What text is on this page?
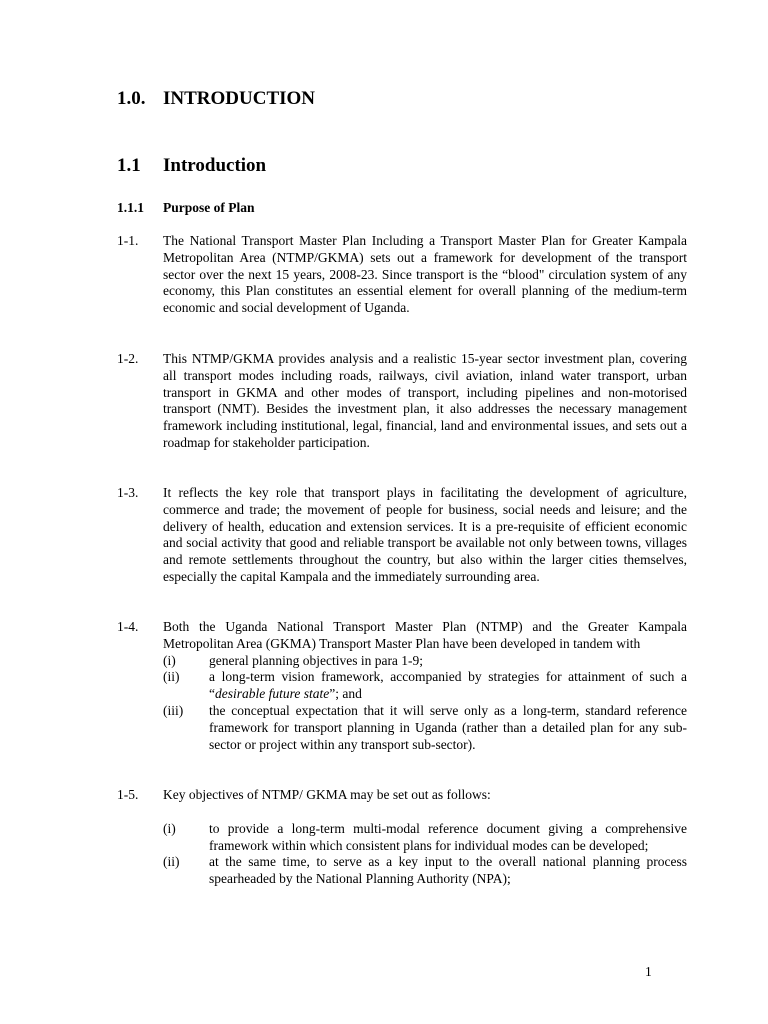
1.0. INTRODUCTION
1.1 Introduction
1.1.1 Purpose of Plan
1-1. The National Transport Master Plan Including a Transport Master Plan for Greater Kampala Metropolitan Area (NTMP/GKMA) sets out a framework for development of the transport sector over the next 15 years, 2008-23. Since transport is the “blood" circulation system of any economy, this Plan constitutes an essential element for overall planning of the medium-term economic and social development of Uganda.
1-2. This NTMP/GKMA provides analysis and a realistic 15-year sector investment plan, covering all transport modes including roads, railways, civil aviation, inland water transport, urban transport in GKMA and other modes of transport, including pipelines and non-motorised transport (NMT). Besides the investment plan, it also addresses the necessary management framework including institutional, legal, financial, land and environmental issues, and sets out a roadmap for stakeholder participation.
1-3. It reflects the key role that transport plays in facilitating the development of agriculture, commerce and trade; the movement of people for business, social needs and leisure; and the delivery of health, education and extension services. It is a pre-requisite of efficient economic and social activity that good and reliable transport be available not only between towns, villages and remote settlements throughout the country, but also within the larger cities themselves, especially the capital Kampala and the immediately surrounding area.
1-4. Both the Uganda National Transport Master Plan (NTMP) and the Greater Kampala Metropolitan Area (GKMA) Transport Master Plan have been developed in tandem with
(i) general planning objectives in para 1-9;
(ii) a long-term vision framework, accompanied by strategies for attainment of such a “desirable future state”; and
(iii) the conceptual expectation that it will serve only as a long-term, standard reference framework for transport planning in Uganda (rather than a detailed plan for any sub-sector or project within any transport sub-sector).
1-5. Key objectives of NTMP/ GKMA may be set out as follows:
(i) to provide a long-term multi-modal reference document giving a comprehensive framework within which consistent plans for individual modes can be developed;
(ii) at the same time, to serve as a key input to the overall national planning process spearheaded by the National Planning Authority (NPA);
1
